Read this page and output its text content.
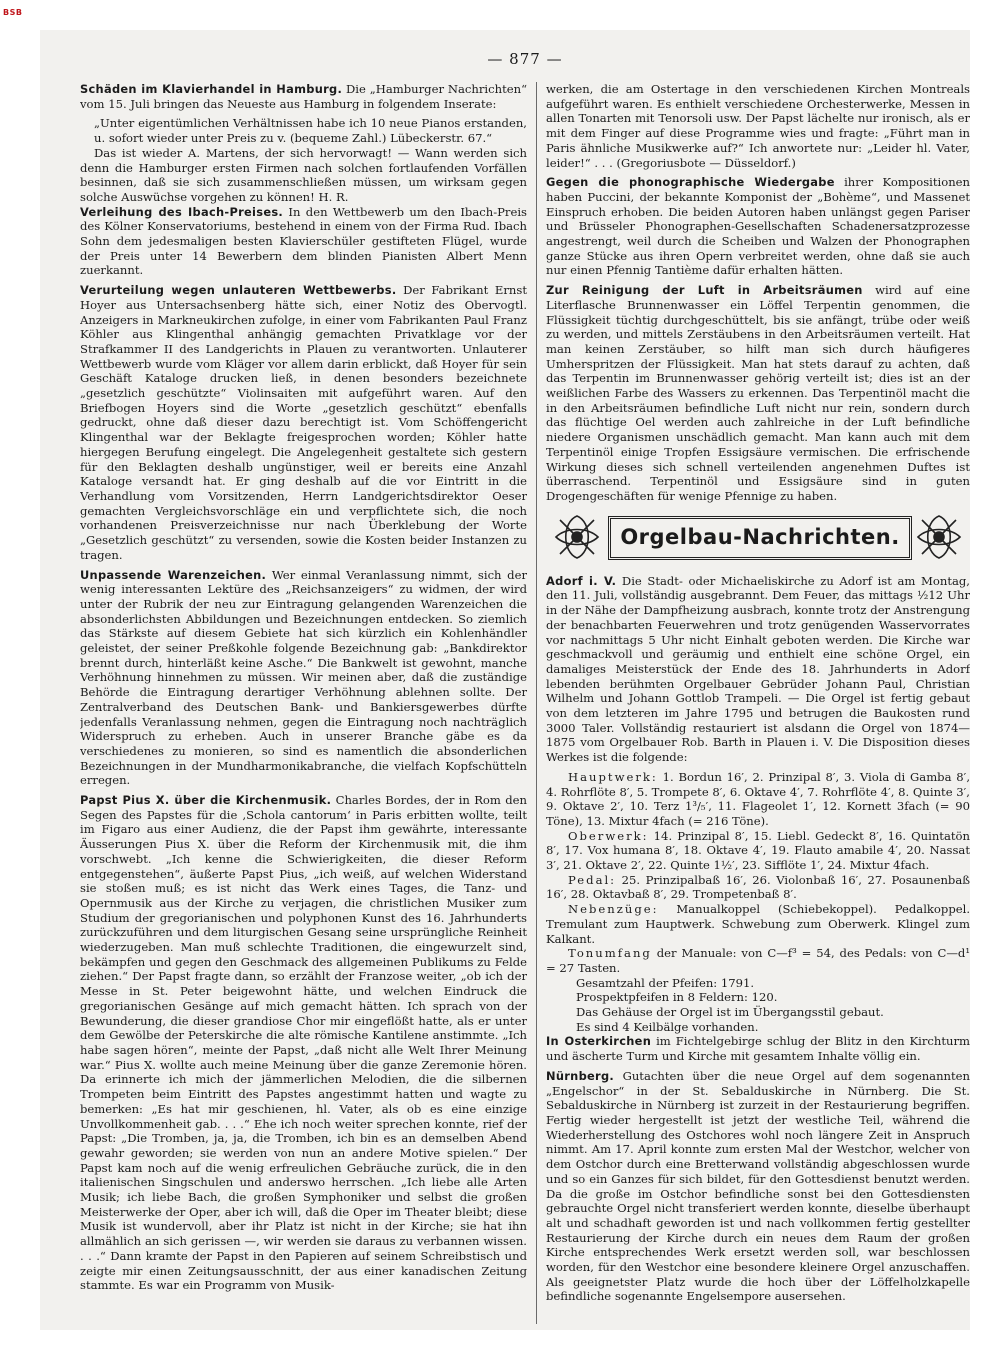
BSB
— 877 —

Schäden im Klavierhandel in Hamburg. Die „Hamburger Nachrichten“ vom 15. Juli bringen das Neueste aus Hamburg in folgendem Inserate:

„Unter eigentümlichen Verhältnissen habe ich 10 neue Pianos erstanden, u. sofort wieder unter Preis zu v. (bequeme Zahl.) Lübeckerstr. 67.“

Das ist wieder A. Martens, der sich hervorwagt! — Wann werden sich denn die Hamburger ersten Firmen nach solchen fortlaufenden Vorfällen besinnen, daß sie sich zusammenschließen müssen, um wirksam gegen solche Auswüchse vorgehen zu können! H. R.

Verleihung des Ibach-Preises. In den Wettbewerb um den Ibach-Preis des Kölner Konservatoriums, bestehend in einem von der Firma Rud. Ibach Sohn dem jedesmaligen besten Klavierschüler gestifteten Flügel, wurde der Preis unter 14 Bewerbern dem blinden Pianisten Albert Menn zuerkannt.

Verurteilung wegen unlauteren Wettbewerbs. Der Fabrikant Ernst Hoyer aus Untersachsenberg hätte sich, einer Notiz des Obervogtl. Anzeigers in Markneukirchen zufolge, in einer vom Fabrikanten Paul Franz Köhler aus Klingenthal anhängig gemachten Privatklage vor der Strafkammer II des Landgerichts in Plauen zu verantworten. Unlauterer Wettbewerb wurde vom Kläger vor allem darin erblickt, daß Hoyer für sein Geschäft Kataloge drucken ließ, in denen besonders bezeichnete „gesetzlich geschützte“ Violinsaiten mit aufgeführt waren. Auf den Briefbogen Hoyers sind die Worte „gesetzlich geschützt“ ebenfalls gedruckt, ohne daß dieser dazu berechtigt ist. Vom Schöffengericht Klingenthal war der Beklagte freigesprochen worden; Köhler hatte hiergegen Berufung eingelegt. Die Angelegenheit gestaltete sich gestern für den Beklagten deshalb ungünstiger, weil er bereits eine Anzahl Kataloge versandt hat. Er ging deshalb auf die vor Eintritt in die Verhandlung vom Vorsitzenden, Herrn Landgerichtsdirektor Oeser gemachten Vergleichsvorschläge ein und verpflichtete sich, die noch vorhandenen Preisverzeichnisse nur nach Überklebung der Worte „Gesetzlich geschützt“ zu versenden, sowie die Kosten beider Instanzen zu tragen.

Unpassende Warenzeichen. Wer einmal Veranlassung nimmt, sich der wenig interessanten Lektüre des „Reichsanzeigers“ zu widmen, der wird unter der Rubrik der neu zur Eintragung gelangenden Warenzeichen die absonderlichsten Abbildungen und Bezeichnungen entdecken. So ziemlich das Stärkste auf diesem Gebiete hat sich kürzlich ein Kohlenhändler geleistet, der seiner Preßkohle folgende Bezeichnung gab: „Bankdirektor brennt durch, hinterläßt keine Asche.“ Die Bankwelt ist gewohnt, manche Verhöhnung hinnehmen zu müssen. Wir meinen aber, daß die zuständige Behörde die Eintragung derartiger Verhöhnung ablehnen sollte. Der Zentralverband des Deutschen Bank- und Bankiersgewerbes dürfte jedenfalls Veranlassung nehmen, gegen die Eintragung noch nachträglich Widerspruch zu erheben. Auch in unserer Branche gäbe es da verschiedenes zu monieren, so sind es namentlich die absonderlichen Bezeichnungen in der Mundharmonikabranche, die vielfach Kopfschütteln erregen.

Papst Pius X. über die Kirchenmusik. Charles Bordes, der in Rom den Segen des Papstes für die ‚Schola cantorum‘ in Paris erbitten wollte, teilt im Figaro aus einer Audienz, die der Papst ihm gewährte, interessante Äusserungen Pius X. über die Reform der Kirchenmusik mit, die ihm vorschwebt. „Ich kenne die Schwierigkeiten, die dieser Reform entgegenstehen“, äußerte Papst Pius, „ich weiß, auf welchen Widerstand sie stoßen muß; es ist nicht das Werk eines Tages, die Tanz- und Opernmusik aus der Kirche zu verjagen, die christlichen Musiker zum Studium der gregorianischen und polyphonen Kunst des 16. Jahrhunderts zurückzuführen und dem liturgischen Gesang seine ursprüngliche Reinheit wiederzugeben. Man muß schlechte Traditionen, die eingewurzelt sind, bekämpfen und gegen den Geschmack des allgemeinen Publikums zu Felde ziehen.“ Der Papst fragte dann, so erzählt der Franzose weiter, „ob ich der Messe in St. Peter beigewohnt hätte, und welchen Eindruck die gregorianischen Gesänge auf mich gemacht hätten. Ich sprach von der Bewunderung, die dieser grandiose Chor mir eingeflößt hatte, als er unter dem Gewölbe der Peterskirche die alte römische Kantilene anstimmte. „Ich habe sagen hören“, meinte der Papst, „daß nicht alle Welt Ihrer Meinung war.“ Pius X. wollte auch meine Meinung über die ganze Zeremonie hören. Da erinnerte ich mich der jämmerlichen Melodien, die die silbernen Trompeten beim Eintritt des Papstes angestimmt hatten und wagte zu bemerken: „Es hat mir geschienen, hl. Vater, als ob es eine einzige Unvollkommenheit gab. . . .“ Ehe ich noch weiter sprechen konnte, rief der Papst: „Die Tromben, ja, ja, die Tromben, ich bin es an demselben Abend gewahr geworden; sie werden von nun an andere Motive spielen.“ Der Papst kam noch auf die wenig erfreulichen Gebräuche zurück, die in den italienischen Singschulen und anderswo herrschen. „Ich liebe alle Arten Musik; ich liebe Bach, die großen Symphoniker und selbst die großen Meisterwerke der Oper, aber ich will, daß die Oper im Theater bleibt; diese Musik ist wundervoll, aber ihr Platz ist nicht in der Kirche; sie hat ihn allmählich an sich gerissen —, wir werden sie daraus zu verbannen wissen. . . .“ Dann kramte der Papst in den Papieren auf seinem Schreibstisch und zeigte mir einen Zeitungsausschnitt, der aus einer kanadischen Zeitung stammte. Es war ein Programm von Musik-

werken, die am Ostertage in den verschiedenen Kirchen Montreals aufgeführt waren. Es enthielt verschiedene Orchesterwerke, Messen in allen Tonarten mit Tenorsoli usw. Der Papst lächelte nur ironisch, als er mit dem Finger auf diese Programme wies und fragte: „Führt man in Paris ähnliche Musikwerke auf?“ Ich anwortete nur: „Leider hl. Vater, leider!“ . . . (Gregoriusbote — Düsseldorf.)

Gegen die phonographische Wiedergabe ihrer Kompositionen haben Puccini, der bekannte Komponist der „Bohème“, und Massenet Einspruch erhoben. Die beiden Autoren haben unlängst gegen Pariser und Brüsseler Phonographen-Gesellschaften Schadenersatzprozesse angestrengt, weil durch die Scheiben und Walzen der Phonographen ganze Stücke aus ihren Opern verbreitet werden, ohne daß sie auch nur einen Pfennig Tantième dafür erhalten hätten.

Zur Reinigung der Luft in Arbeitsräumen wird auf eine Literflasche Brunnenwasser ein Löffel Terpentin genommen, die Flüssigkeit tüchtig durchgeschüttelt, bis sie anfängt, trübe oder weiß zu werden, und mittels Zerstäubens in den Arbeitsräumen verteilt. Hat man keinen Zerstäuber, so hilft man sich durch häufigeres Umherspritzen der Flüssigkeit. Man hat stets darauf zu achten, daß das Terpentin im Brunnenwasser gehörig verteilt ist; dies ist an der weißlichen Farbe des Wassers zu erkennen. Das Terpentinöl macht die in den Arbeitsräumen befindliche Luft nicht nur rein, sondern durch das flüchtige Oel werden auch zahlreiche in der Luft befindliche niedere Organismen unschädlich gemacht. Man kann auch mit dem Terpentinöl einige Tropfen Essigsäure vermischen. Die erfrischende Wirkung dieses sich schnell verteilenden angenehmen Duftes ist überraschend. Terpentinöl und Essigsäure sind in guten Drogengeschäften für wenige Pfennige zu haben.

Orgelbau-Nachrichten.

Adorf i. V. Die Stadt- oder Michaeliskirche zu Adorf ist am Montag, den 11. Juli, vollständig ausgebrannt. Dem Feuer, das mittags ½12 Uhr in der Nähe der Dampfheizung ausbrach, konnte trotz der Anstrengung der benachbarten Feuerwehren und trotz genügenden Wasservorrates vor nachmittags 5 Uhr nicht Einhalt geboten werden. Die Kirche war geschmackvoll und geräumig und enthielt eine schöne Orgel, ein damaliges Meisterstück der Ende des 18. Jahrhunderts in Adorf lebenden berühmten Orgelbauer Gebrüder Johann Paul, Christian Wilhelm und Johann Gottlob Trampeli. — Die Orgel ist fertig gebaut von dem letzteren im Jahre 1795 und betrugen die Baukosten rund 3000 Taler. Vollständig restauriert ist alsdann die Orgel von 1874—1875 vom Orgelbauer Rob. Barth in Plauen i. V. Die Disposition dieses Werkes ist die folgende:

Hauptwerk: 1. Bordun 16′, 2. Prinzipal 8′, 3. Viola di Gamba 8′, 4. Rohrflöte 8′, 5. Trompete 8′, 6. Oktave 4′, 7. Rohrflöte 4′, 8. Quinte 3′, 9. Oktave 2′, 10. Terz 1³/₅′, 11. Flageolet 1′, 12. Kornett 3fach (= 90 Töne), 13. Mixtur 4fach (= 216 Töne).

Oberwerk: 14. Prinzipal 8′, 15. Liebl. Gedeckt 8′, 16. Quintatön 8′, 17. Vox humana 8′, 18. Oktave 4′, 19. Flauto amabile 4′, 20. Nassat 3′, 21. Oktave 2′, 22. Quinte 1½′, 23. Sifflöte 1′, 24. Mixtur 4fach.

Pedal: 25. Prinzipalbaß 16′, 26. Violonbaß 16′, 27. Posaunenbaß 16′, 28. Oktavbaß 8′, 29. Trompetenbaß 8′.

Nebenzüge: Manualkoppel (Schiebekoppel). Pedalkoppel. Tremulant zum Hauptwerk. Schwebung zum Oberwerk. Klingel zum Kalkant.

Tonumfang der Manuale: von C—f³ = 54, des Pedals: von C—d¹ = 27 Tasten.

Gesamtzahl der Pfeifen: 1791.

Prospektpfeifen in 8 Feldern: 120.

Das Gehäuse der Orgel ist im Übergangsstil gebaut.

Es sind 4 Keilbälge vorhanden.

In Osterkirchen im Fichtelgebirge schlug der Blitz in den Kirchturm und äscherte Turm und Kirche mit gesamtem Inhalte völlig ein.

Nürnberg. Gutachten über die neue Orgel auf dem sogenannten „Engelschor“ in der St. Sebalduskirche in Nürnberg. Die St. Sebalduskirche in Nürnberg ist zurzeit in der Restaurierung begriffen. Fertig wieder hergestellt ist jetzt der westliche Teil, während die Wiederherstellung des Ostchores wohl noch längere Zeit in Anspruch nimmt. Am 17. April konnte zum ersten Mal der Westchor, welcher von dem Ostchor durch eine Bretterwand vollständig abgeschlossen wurde und so ein Ganzes für sich bildet, für den Gottesdienst benutzt werden. Da die große im Ostchor befindliche sonst bei den Gottesdiensten gebrauchte Orgel nicht transferiert werden konnte, dieselbe überhaupt alt und schadhaft geworden ist und nach vollkommen fertig gestellter Restaurierung der Kirche durch ein neues dem Raum der großen Kirche entsprechendes Werk ersetzt werden soll, war beschlossen worden, für den Westchor eine besondere kleinere Orgel anzuschaffen. Als geeignetster Platz wurde die hoch über der Löffelholzkapelle befindliche sogenannte Engelsempore ausersehen.
